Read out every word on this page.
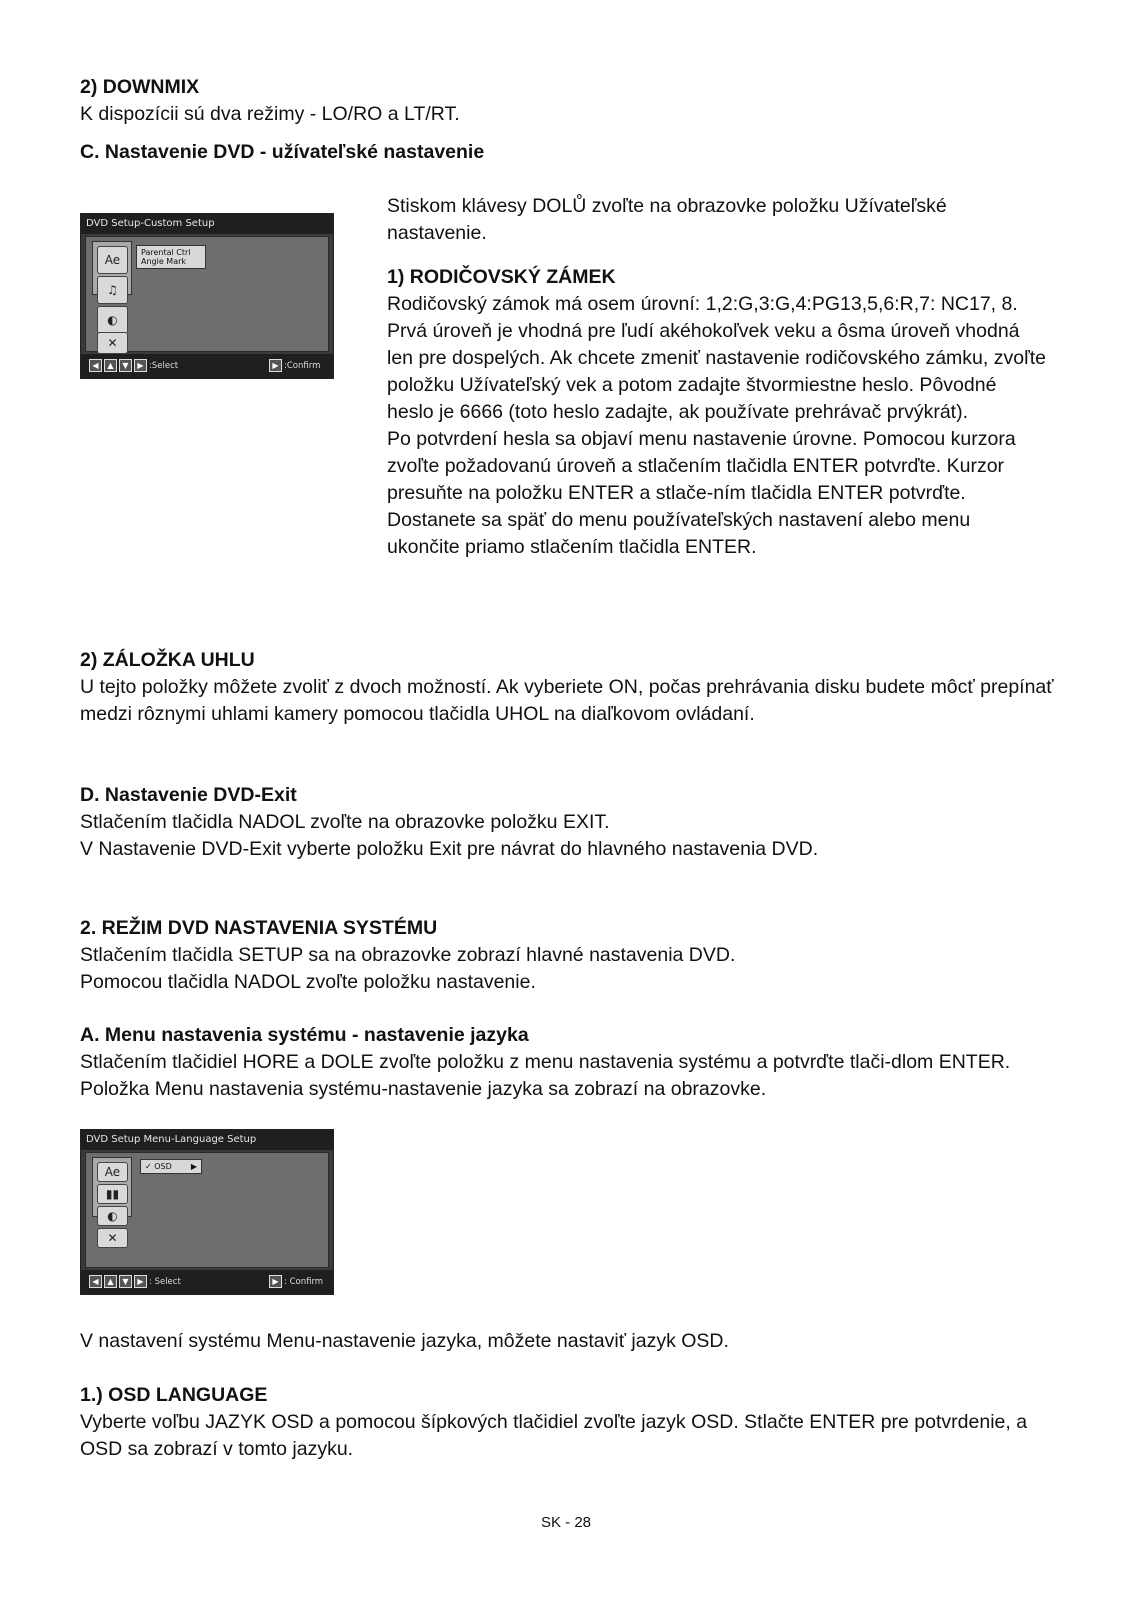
2) DOWNMIX

K dispozícii sú dva režimy - LO/RO a LT/RT.

C. Nastavenie DVD - užívateľské nastavenie

DVD Setup-Custom Setup
Ae
♫
◐
✕
Parental Ctrl
Angle Mark
◀ ▲ ▼ ▶ :Select	▶ :Confirm

Stiskom klávesy DOLŮ zvoľte na obrazovke položku Užívateľské nastavenie.

1) RODIČOVSKÝ ZÁMEK

Rodičovský zámok má osem úrovní: 1,2:G,3:G,4:PG13,5,6:R,7: NC17, 8. Prvá úroveň je vhodná pre ľudí akéhokoľvek veku a ôsma úroveň vhodná len pre dospelých. Ak chcete zmeniť nastavenie rodičovského zámku, zvoľte položku Užívateľský vek a potom zadajte štvormiestne heslo. Pôvodné heslo je 6666 (toto heslo zadajte, ak používate prehrávač prvýkrát).

Po potvrdení hesla sa objaví menu nastavenie úrovne. Pomocou kurzora zvoľte požadovanú úroveň a stlačením tlačidla ENTER potvrďte. Kurzor presuňte na položku ENTER a stlače-ním tlačidla ENTER potvrďte. Dostanete sa späť do menu používateľských nastavení alebo menu ukončite priamo stlačením tlačidla ENTER.

2) ZÁLOŽKA UHLU

U tejto položky môžete zvoliť z dvoch možností. Ak vyberiete ON, počas prehrávania disku budete môcť prepínať medzi rôznymi uhlami kamery pomocou tlačidla UHOL na diaľkovom ovládaní.

D. Nastavenie DVD-Exit

Stlačením tlačidla NADOL zvoľte na obrazovke položku EXIT.

V Nastavenie DVD-Exit vyberte položku Exit pre návrat do hlavného nastavenia DVD.

2. REŽIM DVD NASTAVENIA SYSTÉMU

Stlačením tlačidla SETUP sa na obrazovke zobrazí hlavné nastavenia DVD.

Pomocou tlačidla NADOL zvoľte položku nastavenie.

A. Menu nastavenia systému - nastavenie jazyka

Stlačením tlačidiel HORE a DOLE zvoľte položku z menu nastavenia systému a potvrďte tlači-dlom ENTER. Položka Menu nastavenia systému-nastavenie jazyka sa zobrazí na obrazovke.

DVD Setup Menu-Language Setup
Ae
▮▮
◐
✕
✓ OSD ▶
◀ ▲ ▼ ▶ : Select	▶ : Confirm

V nastavení systému Menu-nastavenie jazyka, môžete nastaviť jazyk OSD.

1.) OSD LANGUAGE

Vyberte voľbu JAZYK OSD a pomocou šípkových tlačidiel zvoľte jazyk OSD. Stlačte ENTER pre potvrdenie, a OSD sa zobrazí v tomto jazyku.

SK - 28
